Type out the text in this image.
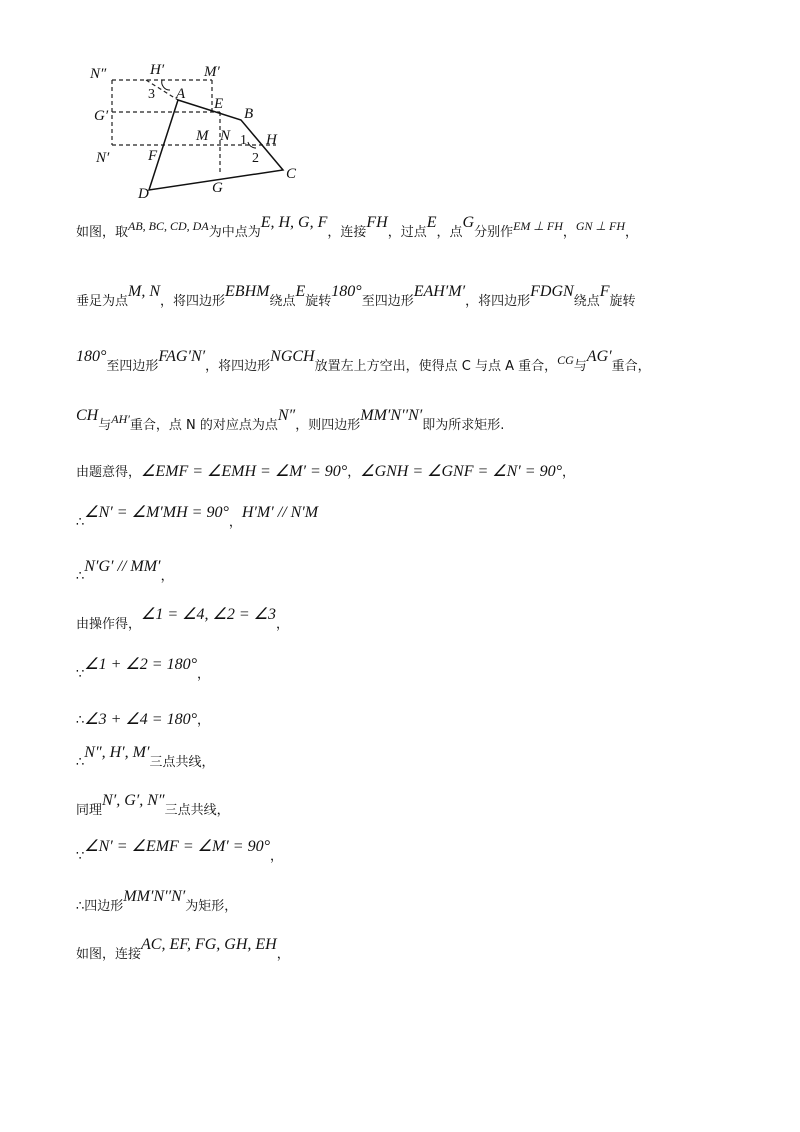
N″	H′	M′
A
E
B
G′
M N H
N′	F
D	G
C
1
2
3
如图，取AB, BC, CD, DA为中点为E, H, G, F，连接FH，过点E，点G分别作EM ⊥ FH，GN ⊥ FH，
垂足为点M, N，将四边形EBHM绕点E旋转180°至四边形EAH′M′，将四边形FDGN绕点F旋转
180°至四边形FAG′N′，将四边形NGCH放置左上方空出，使得点 C 与点 A 重合，CG与AG′重合，
CH与AH′重合，点 N 的对应点为点N″，则四边形MM′N′′N′即为所求矩形.
由题意得，∠EMF = ∠EMH = ∠M′ = 90°，∠GNH = ∠GNF = ∠N′ = 90°，
∴∠N′ = ∠M′MH = 90°，H′M′ // N′M
∴N′G′ // MM′，
由操作得，∠1 = ∠4, ∠2 = ∠3，
∵∠1 + ∠2 = 180°，
∴∠3 + ∠4 = 180°，
∴N″, H′, M′三点共线，
同理N′, G′, N″三点共线，
∵∠N′ = ∠EMF = ∠M′ = 90°，
∴四边形MM′N′′N′为矩形，
如图，连接AC, EF, FG, GH, EH，
